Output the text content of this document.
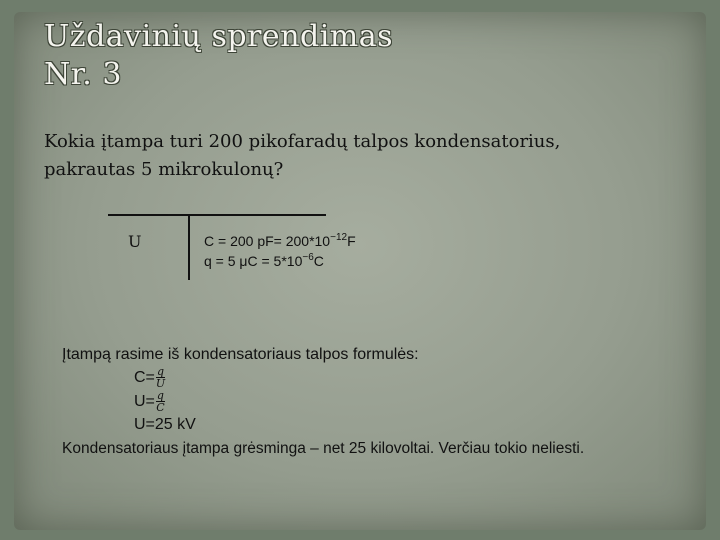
Uždavinių sprendimas
Nr. 3
Kokia įtampa turi 200 pikofaradų talpos kondensatorius, pakrautas 5 mikrokulonų?
U	C = 200 $pF= 200*10^{-12}F$
q = 5 $\mu C = 5*10^{-6}C$
Įtampą rasime iš kondensatoriaus talpos formulės:
$C= \frac{q}{U}$
$U= \frac{q}{C}$
U=25 kV
Kondensatoriaus įtampa grėsminga – net 25 kilovoltai. Verčiau tokio neliesti.
